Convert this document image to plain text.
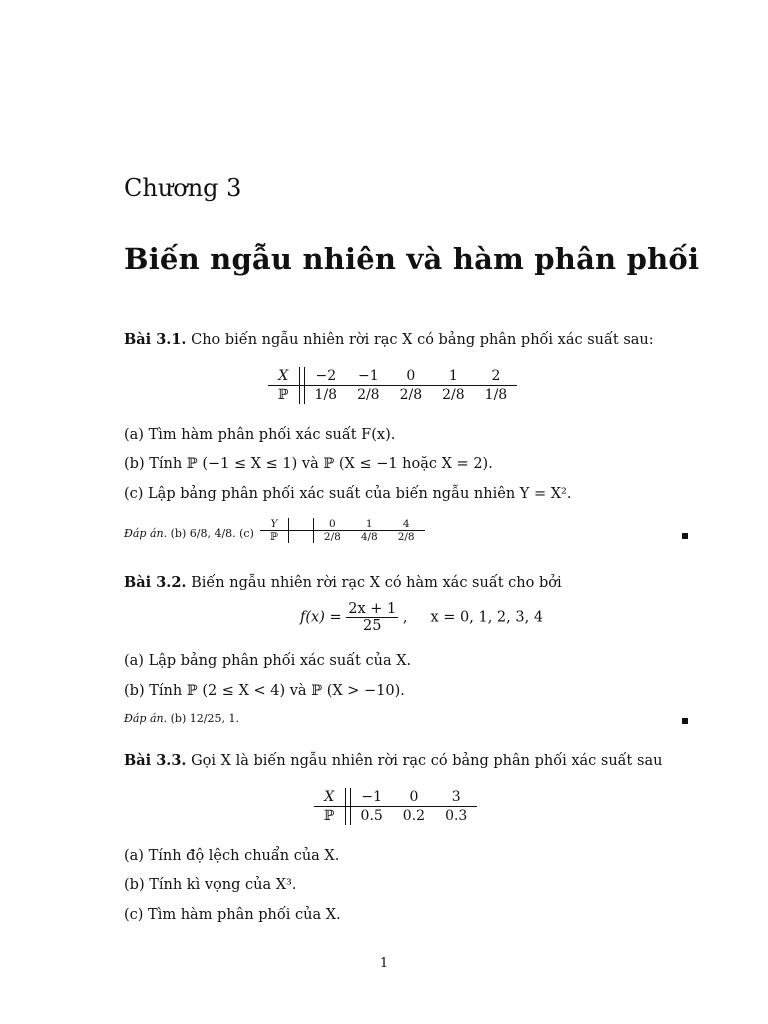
Chương 3
Biến ngẫu nhiên và hàm phân phối
Bài 3.1. Cho biến ngẫu nhiên rời rạc X có bảng phân phối xác suất sau:
X		−2	−1	0	1	2
ℙ		1/8	2/8	2/8	2/8	1/8
(a) Tìm hàm phân phối xác suất F(x).
(b) Tính ℙ (−1 ≤ X ≤ 1) và ℙ (X ≤ −1 hoặc X = 2).
(c) Lập bảng phân phối xác suất của biến ngẫu nhiên Y = X².
Đáp án. (b) 6/8, 4/8. (c)
Y		0	1	4
ℙ		2/8	4/8	2/8
Bài 3.2. Biến ngẫu nhiên rời rạc X có hàm xác suất cho bởi
$f(x) = \frac{2x + 1}{25}$ ,     x = 0, 1, 2, 3, 4
(a) Lập bảng phân phối xác suất của X.
(b) Tính ℙ (2 ≤ X < 4) và ℙ (X > −10).
Đáp án. (b) 12/25, 1.
Bài 3.3. Gọi X là biến ngẫu nhiên rời rạc có bảng phân phối xác suất sau
X		−1	0	3
ℙ		0.5	0.2	0.3
(a) Tính độ lệch chuẩn của X.
(b) Tính kì vọng của X³.
(c) Tìm hàm phân phối của X.
1
